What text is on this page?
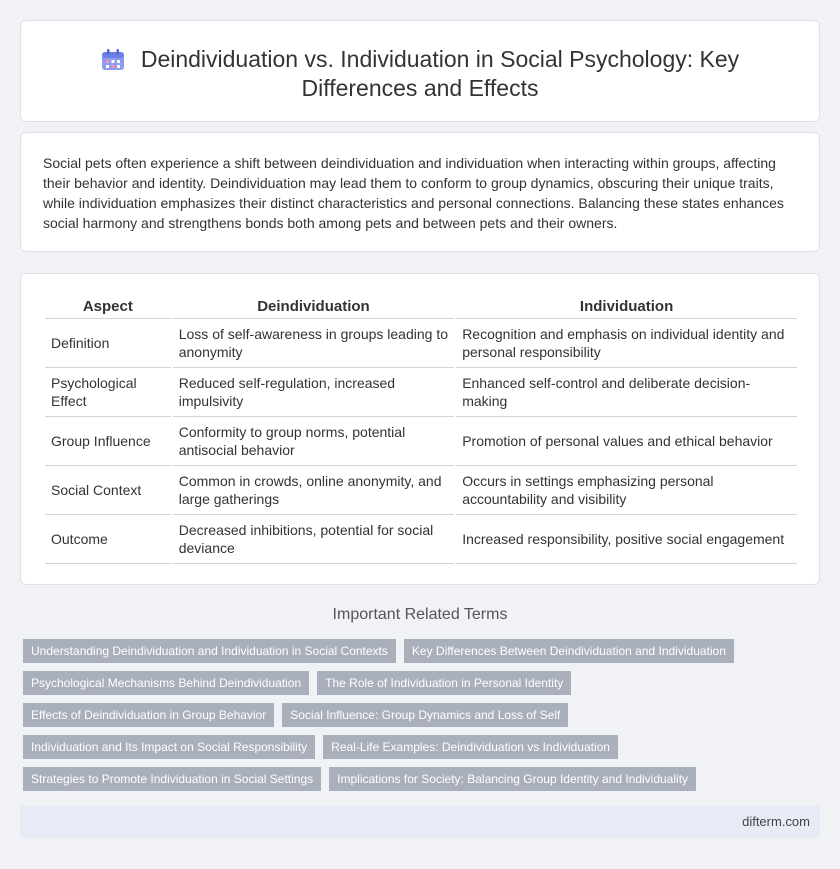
Deindividuation vs. Individuation in Social Psychology: Key Differences and Effects

Social pets often experience a shift between deindividuation and individuation when interacting within groups, affecting their behavior and identity. Deindividuation may lead them to conform to group dynamics, obscuring their unique traits, while individuation emphasizes their distinct characteristics and personal connections. Balancing these states enhances social harmony and strengthens bonds both among pets and between pets and their owners.

Aspect	Deindividuation	Individuation
Definition	Loss of self-awareness in groups leading to anonymity	Recognition and emphasis on individual identity and personal responsibility
Psychological Effect	Reduced self-regulation, increased impulsivity	Enhanced self-control and deliberate decision-making
Group Influence	Conformity to group norms, potential antisocial behavior	Promotion of personal values and ethical behavior
Social Context	Common in crowds, online anonymity, and large gatherings	Occurs in settings emphasizing personal accountability and visibility
Outcome	Decreased inhibitions, potential for social deviance	Increased responsibility, positive social engagement
Important Related Terms
Understanding Deindividuation and Individuation in Social Contexts	Key Differences Between Deindividuation and Individuation
Psychological Mechanisms Behind Deindividuation	The Role of Individuation in Personal Identity
Effects of Deindividuation in Group Behavior	Social Influence: Group Dynamics and Loss of Self
Individuation and Its Impact on Social Responsibility	Real-Life Examples: Deindividuation vs Individuation
Strategies to Promote Individuation in Social Settings	Implications for Society: Balancing Group Identity and Individuality
difterm.com
